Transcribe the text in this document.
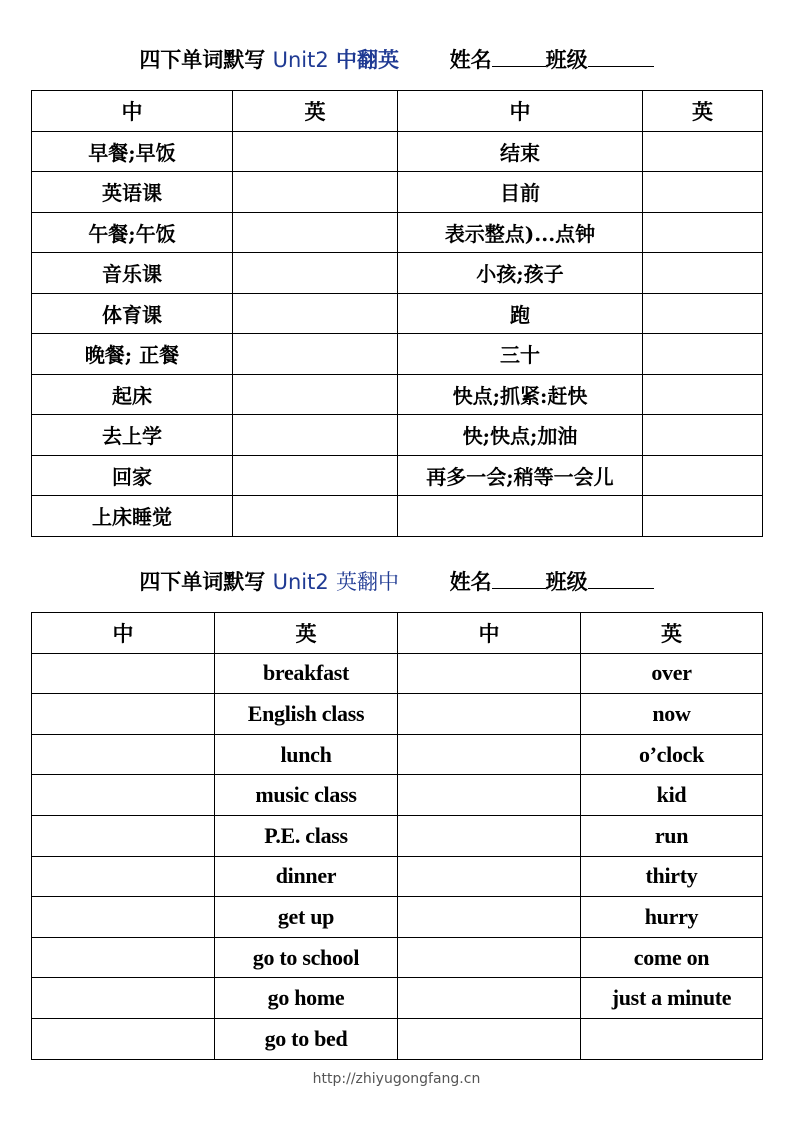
四下单词默写 Unit2 中翻英 姓名	班级
中	英	中	英
早餐;早饭		结束	
英语课		目前	
午餐;午饭		表示整点)...点钟	
音乐课		小孩;孩子	
体育课		跑	
晚餐; 正餐		三十	
起床		快点;抓紧:赶快	
去上学		快;快点;加油	
回家		再多一会;稍等一会儿	
上床睡觉			
四下单词默写 Unit2 英翻中 姓名	班级
中	英	中	英
	breakfast		over
	English class		now
	lunch		o’clock
	music class		kid
	P.E. class		run
	dinner		thirty
	get up		hurry
	go to school		come on
	go home		just a minute
	go to bed		
http://zhiyugongfang.cn
